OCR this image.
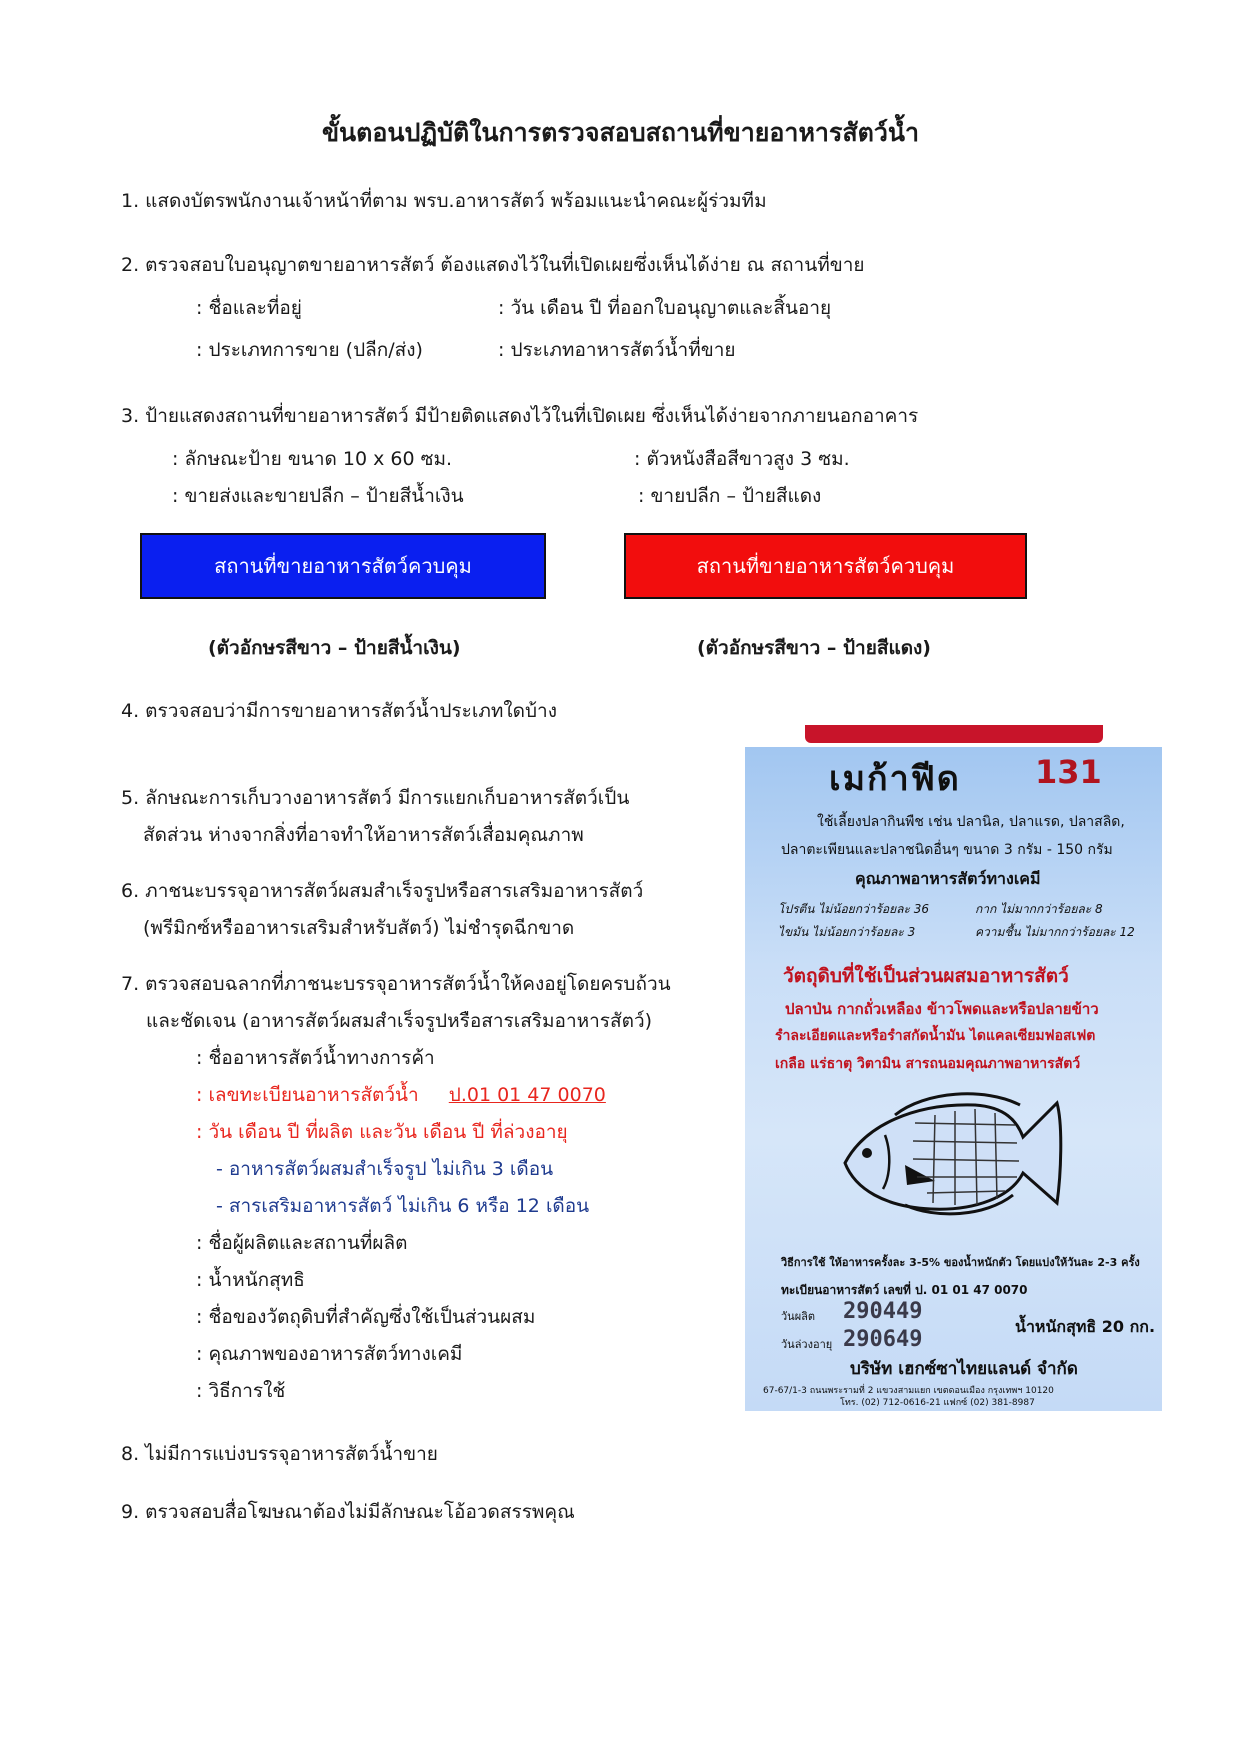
ขั้นตอนปฏิบัติในการตรวจสอบสถานที่ขายอาหารสัตว์น้ำ
1. แสดงบัตรพนักงานเจ้าหน้าที่ตาม พรบ.อาหารสัตว์ พร้อมแนะนำคณะผู้ร่วมทีม
2. ตรวจสอบใบอนุญาตขายอาหารสัตว์ ต้องแสดงไว้ในที่เปิดเผยซึ่งเห็นได้ง่าย ณ สถานที่ขาย
: ชื่อและที่อยู่	: วัน เดือน ปี ที่ออกใบอนุญาตและสิ้นอายุ
: ประเภทการขาย (ปลีก/ส่ง)	: ประเภทอาหารสัตว์น้ำที่ขาย
3. ป้ายแสดงสถานที่ขายอาหารสัตว์ มีป้ายติดแสดงไว้ในที่เปิดเผย ซึ่งเห็นได้ง่ายจากภายนอกอาคาร
: ลักษณะป้าย ขนาด 10 x 60 ซม.	: ตัวหนังสือสีขาวสูง 3 ซม.
: ขายส่งและขายปลีก – ป้ายสีน้ำเงิน	: ขายปลีก – ป้ายสีแดง
สถานที่ขายอาหารสัตว์ควบคุม	สถานที่ขายอาหารสัตว์ควบคุม
(ตัวอักษรสีขาว – ป้ายสีน้ำเงิน)	(ตัวอักษรสีขาว – ป้ายสีแดง)
4. ตรวจสอบว่ามีการขายอาหารสัตว์น้ำประเภทใดบ้าง
5. ลักษณะการเก็บวางอาหารสัตว์ มีการแยกเก็บอาหารสัตว์เป็น
สัดส่วน ห่างจากสิ่งที่อาจทำให้อาหารสัตว์เสื่อมคุณภาพ
6. ภาชนะบรรจุอาหารสัตว์ผสมสำเร็จรูปหรือสารเสริมอาหารสัตว์
(พรีมิกซ์หรืออาหารเสริมสำหรับสัตว์) ไม่ชำรุดฉีกขาด
7. ตรวจสอบฉลากที่ภาชนะบรรจุอาหารสัตว์น้ำให้คงอยู่โดยครบถ้วน
และชัดเจน (อาหารสัตว์ผสมสำเร็จรูปหรือสารเสริมอาหารสัตว์)
: ชื่ออาหารสัตว์น้ำทางการค้า
: เลขทะเบียนอาหารสัตว์น้ำ ป.01 01 47 0070
: วัน เดือน ปี ที่ผลิต และวัน เดือน ปี ที่ล่วงอายุ
- อาหารสัตว์ผสมสำเร็จรูป ไม่เกิน 3 เดือน
- สารเสริมอาหารสัตว์ ไม่เกิน 6 หรือ 12 เดือน
: ชื่อผู้ผลิตและสถานที่ผลิต
: น้ำหนักสุทธิ
: ชื่อของวัตถุดิบที่สำคัญซึ่งใช้เป็นส่วนผสม
: คุณภาพของอาหารสัตว์ทางเคมี
: วิธีการใช้
8. ไม่มีการแบ่งบรรจุอาหารสัตว์น้ำขาย
9. ตรวจสอบสื่อโฆษณาต้องไม่มีลักษณะโอ้อวดสรรพคุณ
เมก้าฟีด 131
ใช้เลี้ยงปลากินพืช เช่น ปลานิล, ปลาแรด, ปลาสลิด,
ปลาตะเพียนและปลาชนิดอื่นๆ ขนาด 3 กรัม - 150 กรัม
คุณภาพอาหารสัตว์ทางเคมี
โปรตีน ไม่น้อยกว่าร้อยละ 36	กาก ไม่มากกว่าร้อยละ 8
ไขมัน ไม่น้อยกว่าร้อยละ 3	ความชื้น ไม่มากกว่าร้อยละ 12
วัตถุดิบที่ใช้เป็นส่วนผสมอาหารสัตว์
ปลาป่น กากถั่วเหลือง ข้าวโพดและหรือปลายข้าว
รำละเอียดและหรือรำสกัดน้ำมัน ไดแคลเซียมฟอสเฟต
เกลือ แร่ธาตุ วิตามิน สารถนอมคุณภาพอาหารสัตว์
วิธีการใช้ ให้อาหารครั้งละ 3-5% ของน้ำหนักตัว โดยแบ่งให้วันละ 2-3 ครั้ง
ทะเบียนอาหารสัตว์ เลขที่ ป. 01 01 47 0070
วันผลิต 290449
วันล่วงอายุ 290649
น้ำหนักสุทธิ 20 กก.
บริษัท เฮกซ์ซาไทยแลนด์ จำกัด
67-67/1-3 ถนนพระรามที่ 2 แขวงสามแยก เขตดอนเมือง กรุงเทพฯ 10120
โทร. (02) 712-0616-21 แฟกซ์ (02) 381-8987
